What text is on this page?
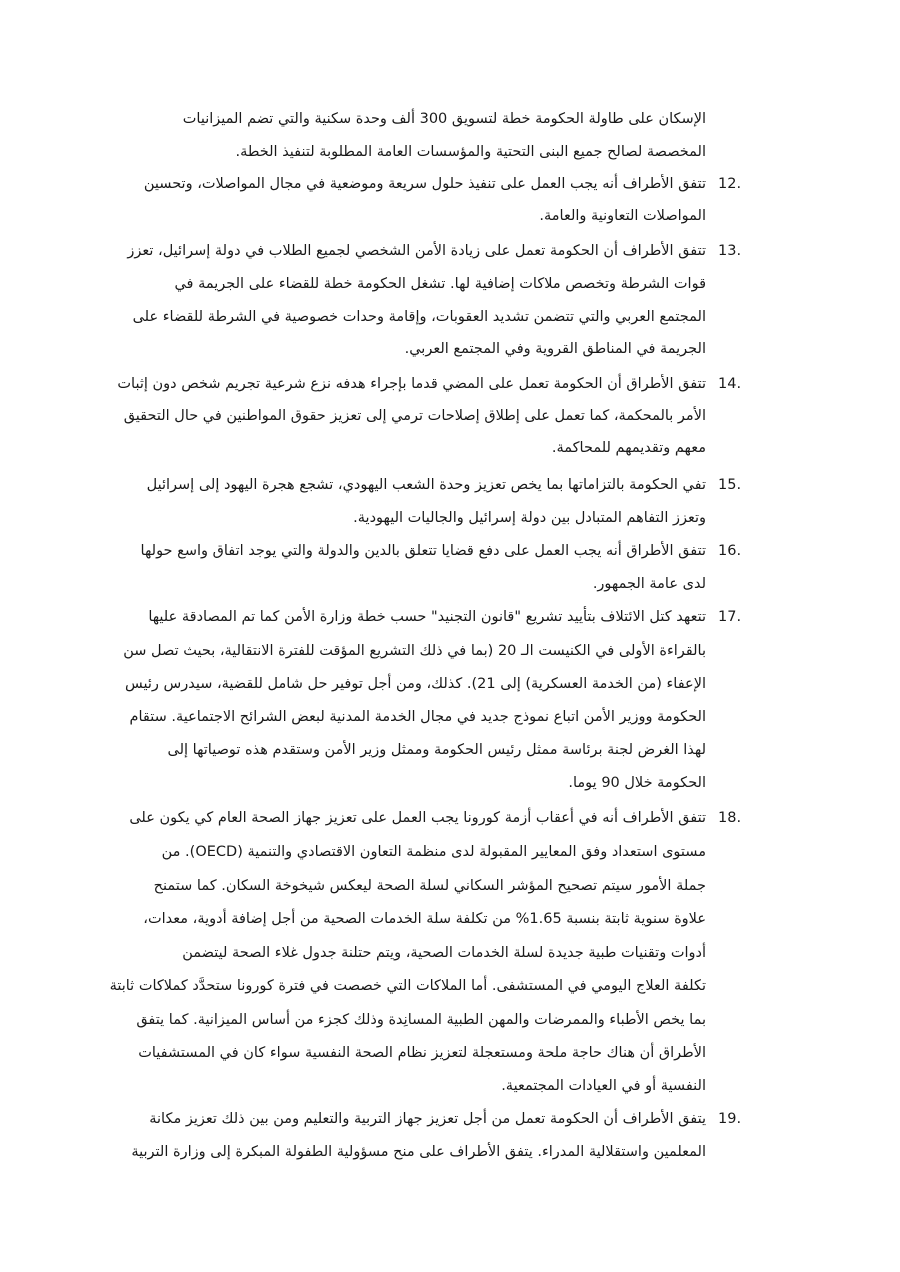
الإسكان على طاولة الحكومة خطة لتسويق 300 ألف وحدة سكنية والتي تضم الميزانيات
المخصصة لصالح جميع البنى التحتية والمؤسسات العامة المطلوبة لتنفيذ الخطة.
12.
تتفق الأطراف أنه يجب العمل على تنفيذ حلول سريعة وموضعية في مجال المواصلات، وتحسين
المواصلات التعاونية والعامة.
13.
تتفق الأطراف أن الحكومة تعمل على زيادة الأمن الشخصي لجميع الطلاب في دولة إسرائيل، تعزز
قوات الشرطة وتخصص ملاكات إضافية لها. تشغل الحكومة خطة للقضاء على الجريمة في
المجتمع العربي والتي تتضمن تشديد العقوبات، وإقامة وحدات خصوصية في الشرطة للقضاء على
الجريمة في المناطق القروية وفي المجتمع العربي.
14.
تتفق الأطراق أن الحكومة تعمل على المضي قدما بإجراء هدفه نزع شرعية تجريم شخص دون إثبات
الأمر بالمحكمة، كما تعمل على إطلاق إصلاحات ترمي إلى تعزيز حقوق المواطنين في حال التحقيق
معهم وتقديمهم للمحاكمة.
15.
تفي الحكومة بالتزاماتها بما يخص تعزيز وحدة الشعب اليهودي، تشجع هجرة اليهود إلى إسرائيل
وتعزز التفاهم المتبادل بين دولة إسرائيل والجاليات اليهودية.
16.
تتفق الأطراق أنه يجب العمل على دفع قضايا تتعلق بالدين والدولة والتي يوجد اتفاق واسع حولها
لدى عامة الجمهور.
17.
تتعهد كتل الائتلاف بتأييد تشريع "قانون التجنيد" حسب خطة وزارة الأمن كما تم المصادقة عليها
بالقراءة الأولى في الكنيست الـ 20 (بما في ذلك التشريع المؤقت للفترة الانتقالية، بحيث تصل سن
الإعفاء (من الخدمة العسكرية) إلى 21). كذلك، ومن أجل توفير حل شامل للقضية، سيدرس رئيس
الحكومة ووزير الأمن اتباع نموذج جديد في مجال الخدمة المدنية لبعض الشرائح الاجتماعية. ستقام
لهذا الغرض لجنة برئاسة ممثل رئيس الحكومة وممثل وزير الأمن وستقدم هذه توصياتها إلى
الحكومة خلال 90 يوما.
18.
تتفق الأطراف أنه في أعقاب أزمة كورونا يجب العمل على تعزيز جهاز الصحة العام كي يكون على
مستوى استعداد وفق المعايير المقبولة لدى منظمة التعاون الاقتصادي والتنمية (OECD). من
جملة الأمور سيتم تصحيح المؤشر السكاني لسلة الصحة ليعكس شيخوخة السكان. كما ستمنح
علاوة سنوية ثابتة بنسبة 1.65% من تكلفة سلة الخدمات الصحية من أجل إضافة أدوية، معدات،
أدوات وتقنيات طبية جديدة لسلة الخدمات الصحية، ويتم حتلنة جدول غلاء الصحة ليتضمن
تكلفة العلاج اليومي في المستشفى. أما الملاكات التي خصصت في فترة كورونا ستحدَّد كملاكات ثابتة
بما يخص الأطباء والممرضات والمهن الطبية المسانِدة وذلك كجزء من أساس الميزانية. كما يتفق
الأطراق أن هناك حاجة ملحة ومستعجلة لتعزيز نظام الصحة النفسية سواء كان في المستشفيات
النفسية أو في العيادات المجتمعية.
19.
يتفق الأطراف أن الحكومة تعمل من أجل تعزيز جهاز التربية والتعليم ومن بين ذلك تعزيز مكانة
المعلمين واستقلالية المدراء. يتفق الأطراف على منح مسؤولية الطفولة المبكرة إلى وزارة التربية
